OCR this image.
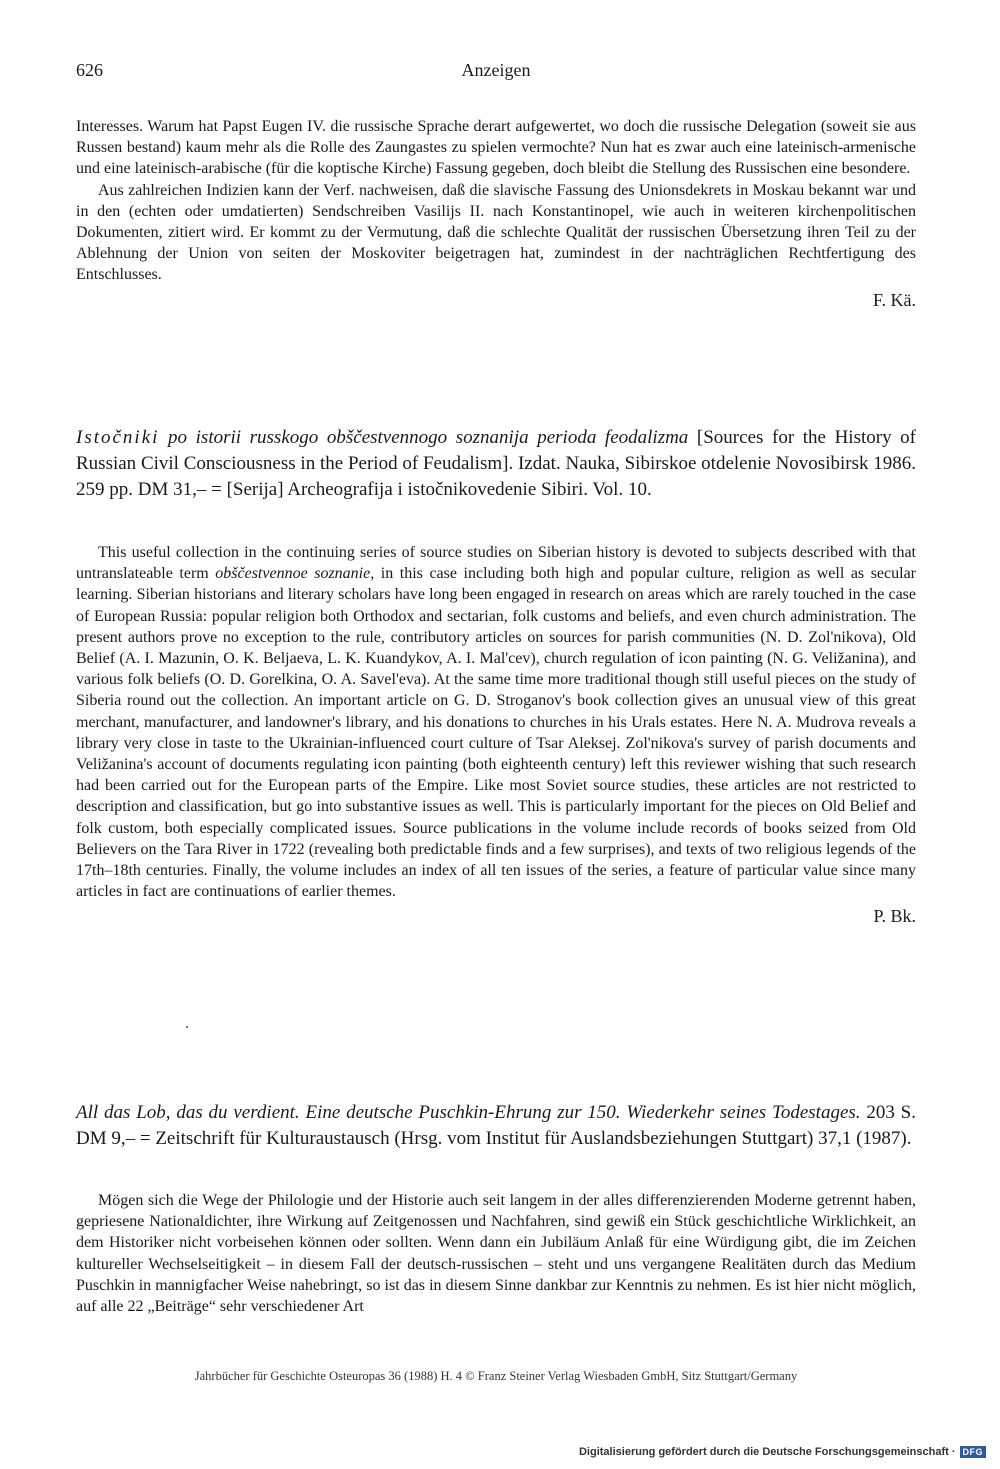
626	Anzeigen

Interesses. Warum hat Papst Eugen IV. die russische Sprache derart aufgewertet, wo doch die russische Delegation (soweit sie aus Russen bestand) kaum mehr als die Rolle des Zaungastes zu spielen vermochte? Nun hat es zwar auch eine lateinisch-armenische und eine lateinisch-arabische (für die koptische Kirche) Fassung gegeben, doch bleibt die Stellung des Russischen eine besondere.

Aus zahlreichen Indizien kann der Verf. nachweisen, daß die slavische Fassung des Unionsdekrets in Moskau bekannt war und in den (echten oder umdatierten) Sendschreiben Vasilijs II. nach Konstantinopel, wie auch in weiteren kirchenpolitischen Dokumenten, zitiert wird. Er kommt zu der Vermutung, daß die schlechte Qualität der russischen Übersetzung ihren Teil zu der Ablehnung der Union von seiten der Moskoviter beigetragen hat, zumindest in der nachträglichen Rechtfertigung des Entschlusses.

F. Kä.

Istočniki po istorii russkogo obščestvennogo soznanija perioda feodalizma [Sources for the History of Russian Civil Consciousness in the Period of Feudalism]. Izdat. Nauka, Sibirskoe otdelenie Novosibirsk 1986. 259 pp. DM 31,– = [Serija] Archeografija i istočnikovedenie Sibiri. Vol. 10.

This useful collection in the continuing series of source studies on Siberian history is devoted to subjects described with that untranslateable term obščestvennoe soznanie, in this case including both high and popular culture, religion as well as secular learning. Siberian historians and literary scholars have long been engaged in research on areas which are rarely touched in the case of European Russia: popular religion both Orthodox and sectarian, folk customs and beliefs, and even church administration. The present authors prove no exception to the rule, contributory articles on sources for parish communities (N. D. Zol'nikova), Old Belief (A. I. Mazunin, O. K. Beljaeva, L. K. Kuandykov, A. I. Mal'cev), church regulation of icon painting (N. G. Veližanina), and various folk beliefs (O. D. Gorelkina, O. A. Savel'eva). At the same time more traditional though still useful pieces on the study of Siberia round out the collection. An important article on G. D. Stroganov's book collection gives an unusual view of this great merchant, manufacturer, and landowner's library, and his donations to churches in his Urals estates. Here N. A. Mudrova reveals a library very close in taste to the Ukrainian-influenced court culture of Tsar Aleksej. Zol'nikova's survey of parish documents and Veližanina's account of documents regulating icon painting (both eighteenth century) left this reviewer wishing that such research had been carried out for the European parts of the Empire. Like most Soviet source studies, these articles are not restricted to description and classification, but go into substantive issues as well. This is particularly important for the pieces on Old Belief and folk custom, both especially complicated issues. Source publications in the volume include records of books seized from Old Believers on the Tara River in 1722 (revealing both predictable finds and a few surprises), and texts of two religious legends of the 17th–18th centuries. Finally, the volume includes an index of all ten issues of the series, a feature of particular value since many articles in fact are continuations of earlier themes.

P. Bk.

All das Lob, das du verdient. Eine deutsche Puschkin-Ehrung zur 150. Wiederkehr seines Todestages. 203 S. DM 9,– = Zeitschrift für Kulturaustausch (Hrsg. vom Institut für Auslandsbeziehungen Stuttgart) 37,1 (1987).

Mögen sich die Wege der Philologie und der Historie auch seit langem in der alles differenzierenden Moderne getrennt haben, gepriesene Nationaldichter, ihre Wirkung auf Zeitgenossen und Nachfahren, sind gewiß ein Stück geschichtliche Wirklichkeit, an dem Historiker nicht vorbeisehen können oder sollten. Wenn dann ein Jubiläum Anlaß für eine Würdigung gibt, die im Zeichen kultureller Wechselseitigkeit – in diesem Fall der deutsch-russischen – steht und uns vergangene Realitäten durch das Medium Puschkin in mannigfacher Weise nahebringt, so ist das in diesem Sinne dankbar zur Kenntnis zu nehmen. Es ist hier nicht möglich, auf alle 22 „Beiträge“ sehr verschiedener Art

Jahrbücher für Geschichte Osteuropas 36 (1988) H. 4 © Franz Steiner Verlag Wiesbaden GmbH, Sitz Stuttgart/Germany
Digitalisierung gefördert durch die Deutsche Forschungsgemeinschaft · DFG
